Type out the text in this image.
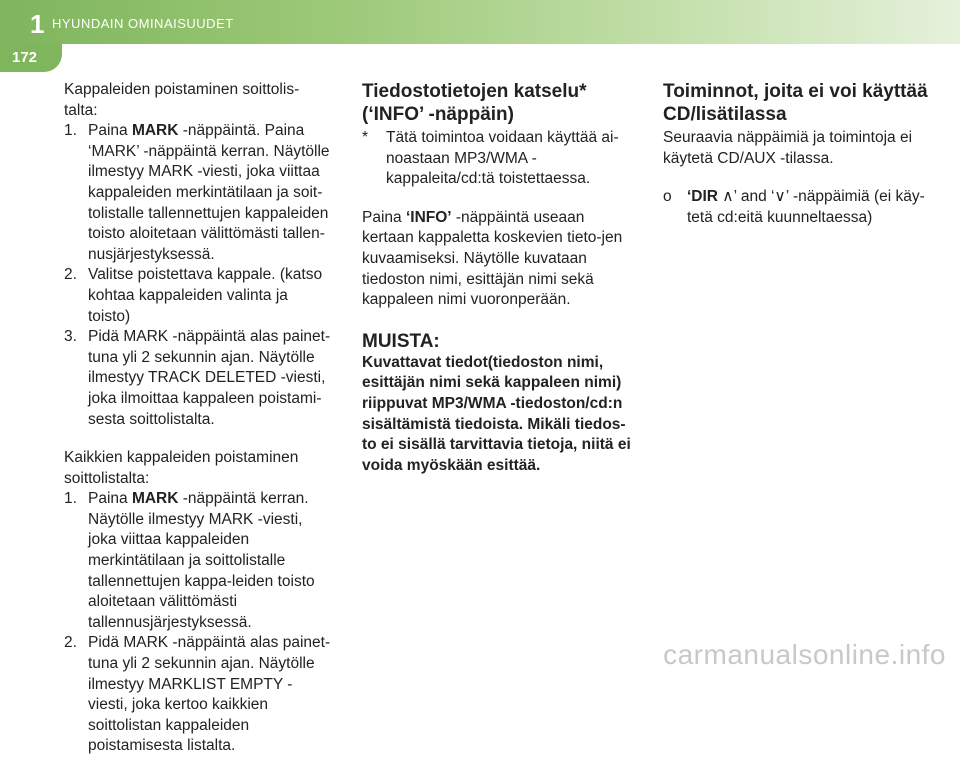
1 HYUNDAIN OMINAISUUDET
172

Kappaleiden poistaminen soittolis-talta:

1. Paina MARK -näppäintä. Paina ‘MARK’ -näppäintä kerran. Näytölle ilmestyy MARK -viesti, joka viittaa kappaleiden merkintätilaan ja soit-tolistalle tallennettujen kappaleiden toisto aloitetaan välittömästi tallen-nusjärjestyksessä.
2. Valitse poistettava kappale. (katso kohtaa kappaleiden valinta ja toisto)
3. Pidä MARK -näppäintä alas painet-tuna yli 2 sekunnin ajan. Näytölle ilmestyy TRACK DELETED -viesti, joka ilmoittaa kappaleen poistami-sesta soittolistalta.

Kaikkien kappaleiden poistaminen soittolistalta:

1. Paina MARK -näppäintä kerran. Näytölle ilmestyy MARK -viesti, joka viittaa kappaleiden merkintätilaan ja soittolistalle tallennettujen kappa-leiden toisto aloitetaan välittömästi tallennusjärjestyksessä.
2. Pidä MARK -näppäintä alas painet-tuna yli 2 sekunnin ajan. Näytölle ilmestyy MARKLIST EMPTY -viesti, joka kertoo kaikkien soittolistan kappaleiden poistamisesta listalta.
Tiedostotietojen katselu* (‘INFO’ -näppäin)

* Tätä toimintoa voidaan käyttää ai-noastaan MP3/WMA -kappaleita/cd:tä toistettaessa.

Paina ‘INFO’ -näppäintä useaan kertaan kappaletta koskevien tieto-jen kuvaamiseksi. Näytölle kuvataan tiedoston nimi, esittäjän nimi sekä kappaleen nimi vuoronperään.

MUISTA:

Kuvattavat tiedot(tiedoston nimi, esittäjän nimi sekä kappaleen nimi) riippuvat MP3/WMA -tiedoston/cd:n sisältämistä tiedoista. Mikäli tiedos-to ei sisällä tarvittavia tietoja, niitä ei voida myöskään esittää.

Toiminnot, joita ei voi käyttää CD/lisätilassa

Seuraavia näppäimiä ja toimintoja ei käytetä CD/AUX -tilassa.

o ‘DIR ∧’ and ‘∨’ -näppäimiä (ei käy-tetä cd:eitä kuunneltaessa)

carmanualsonline.info
